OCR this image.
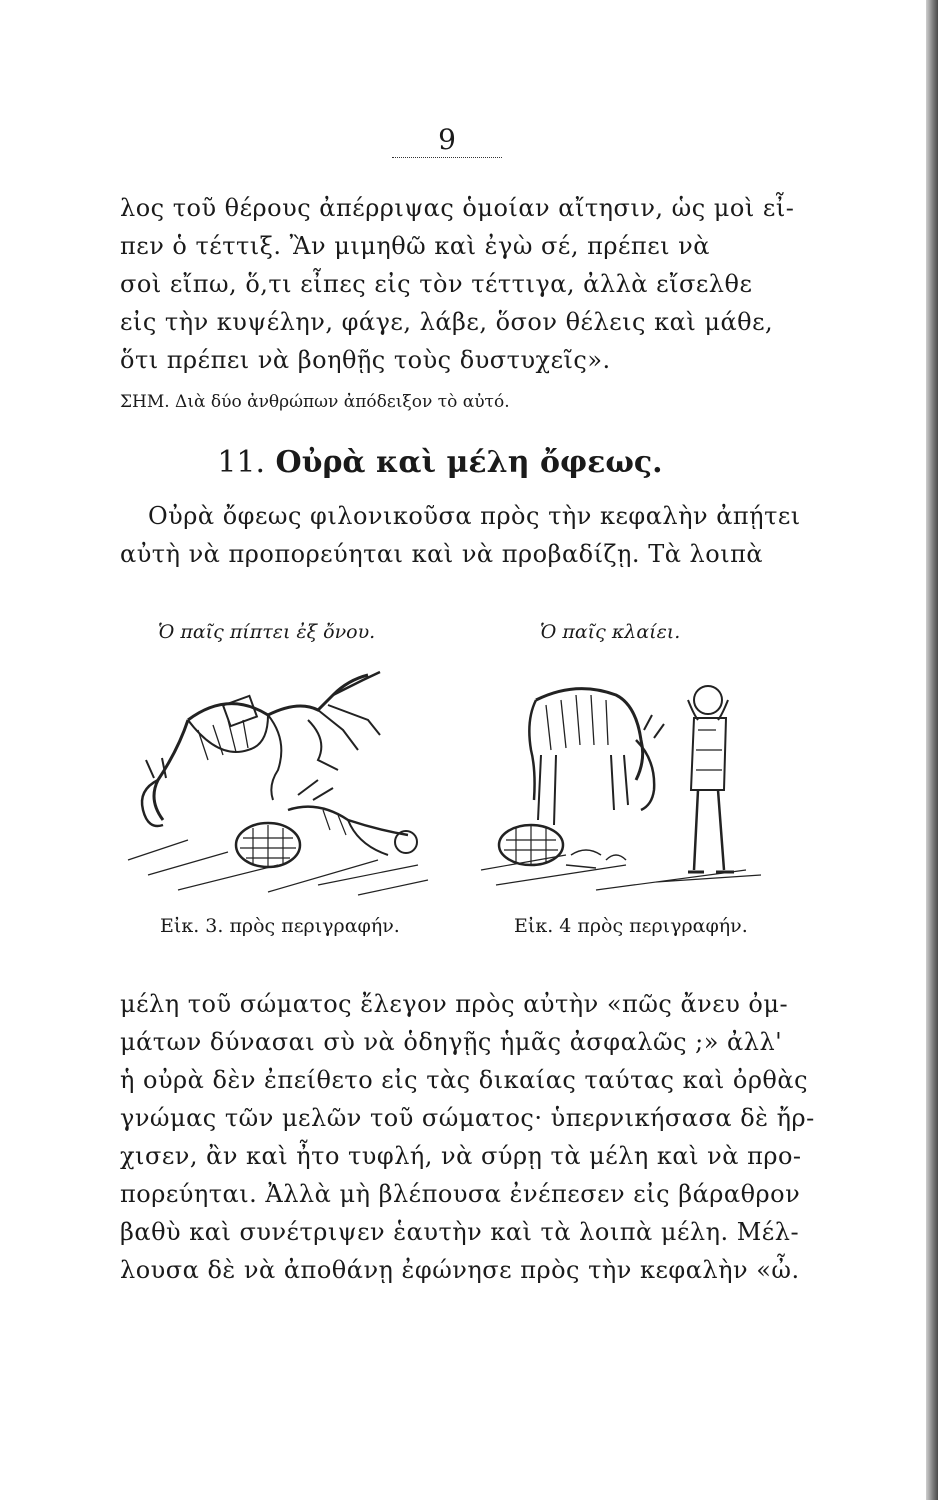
9
λος τοῦ θέρους ἀπέρριψας ὁμοίαν αἴτησιν, ὡς μοὶ εἶ-
πεν ὁ τέττιξ. Ἂν μιμηθῶ καὶ ἐγὼ σέ, πρέπει νὰ
σοὶ εἴπω, ὅ,τι εἶπες εἰς τὸν τέττιγα, ἀλλὰ εἴσελθε
εἰς τὴν κυψέλην, φάγε, λάβε, ὅσον θέλεις καὶ μάθε,
ὅτι πρέπει νὰ βοηθῇς τοὺς δυστυχεῖς».
ΣΗΜ. Διὰ δύο ἀνθρώπων ἀπόδειξον τὸ αὐτό.
11. Οὐρὰ καὶ μέλη ὄφεως.
Οὐρὰ ὄφεως φιλονικοῦσα πρὸς τὴν κεφαλὴν ἀπῄτει
αὐτὴ νὰ προπορεύηται καὶ νὰ προβαδίζῃ. Τὰ λοιπὰ
Ὁ παῖς πίπτει ἐξ ὄνου.	Ὁ παῖς κλαίει.
Εἰκ. 3. πρὸς περιγραφήν.	Εἰκ. 4 πρὸς περιγραφήν.
μέλη τοῦ σώματος ἔλεγον πρὸς αὐτὴν «πῶς ἄνευ ὀμ-
μάτων δύνασαι σὺ νὰ ὁδηγῇς ἡμᾶς ἀσφαλῶς ;» ἀλλ'
ἡ οὐρὰ δὲν ἐπείθετο εἰς τὰς δικαίας ταύτας καὶ ὀρθὰς
γνώμας τῶν μελῶν τοῦ σώματος· ὑπερνικήσασα δὲ ἤρ-
χισεν, ἂν καὶ ἦτο τυφλή, νὰ σύρῃ τὰ μέλη καὶ νὰ προ-
πορεύηται. Ἀλλὰ μὴ βλέπουσα ἐνέπεσεν εἰς βάραθρον
βαθὺ καὶ συνέτριψεν ἑαυτὴν καὶ τὰ λοιπὰ μέλη. Μέλ-
λουσα δὲ νὰ ἀποθάνῃ ἐφώνησε πρὸς τὴν κεφαλὴν «ὦ.
